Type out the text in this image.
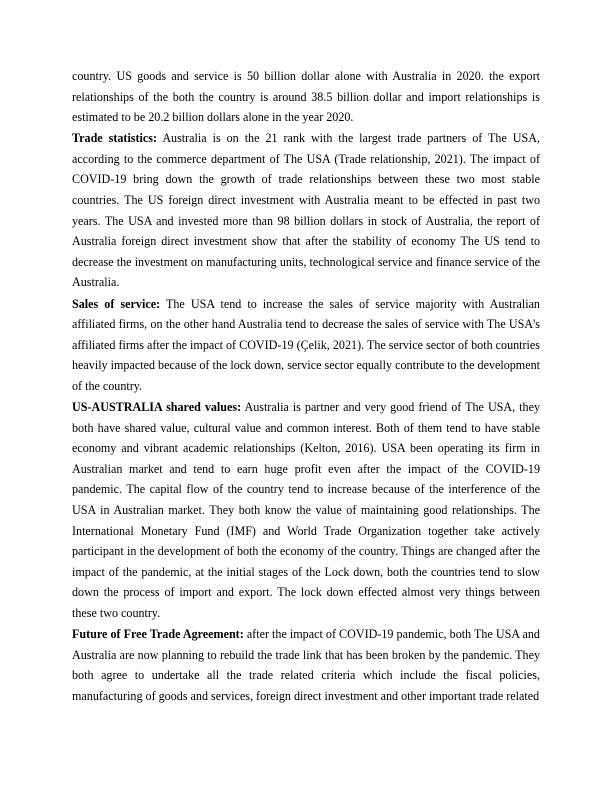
country. US goods and service is 50 billion dollar alone with Australia in 2020. the export relationships of the both the country is around 38.5 billion dollar and import relationships is estimated to be 20.2 billion dollars alone in the year 2020.

Trade statistics: Australia is on the 21 rank with the largest trade partners of The USA, according to the commerce department of The USA (Trade relationship, 2021). The impact of COVID-19 bring down the growth of trade relationships between these two most stable countries. The US foreign direct investment with Australia meant to be effected in past two years. The USA and invested more than 98 billion dollars in stock of Australia, the report of Australia foreign direct investment show that after the stability of economy The US tend to decrease the investment on manufacturing units, technological service and finance service of the Australia.

Sales of service: The USA tend to increase the sales of service majority with Australian affiliated firms, on the other hand Australia tend to decrease the sales of service with The USA's affiliated firms after the impact of COVID-19 (Çelik, 2021). The service sector of both countries heavily impacted because of the lock down, service sector equally contribute to the development of the country.

US-AUSTRALIA shared values: Australia is partner and very good friend of The USA, they both have shared value, cultural value and common interest. Both of them tend to have stable economy and vibrant academic relationships (Kelton, 2016). USA been operating its firm in Australian market and tend to earn huge profit even after the impact of the COVID-19 pandemic. The capital flow of the country tend to increase because of the interference of the USA in Australian market. They both know the value of maintaining good relationships. The International Monetary Fund (IMF) and World Trade Organization together take actively participant in the development of both the economy of the country. Things are changed after the impact of the pandemic, at the initial stages of the Lock down, both the countries tend to slow down the process of import and export. The lock down effected almost very things between these two country.

Future of Free Trade Agreement: after the impact of COVID-19 pandemic, both The USA and Australia are now planning to rebuild the trade link that has been broken by the pandemic. They both agree to undertake all the trade related criteria which include the fiscal policies, manufacturing of goods and services, foreign direct investment and other important trade related
